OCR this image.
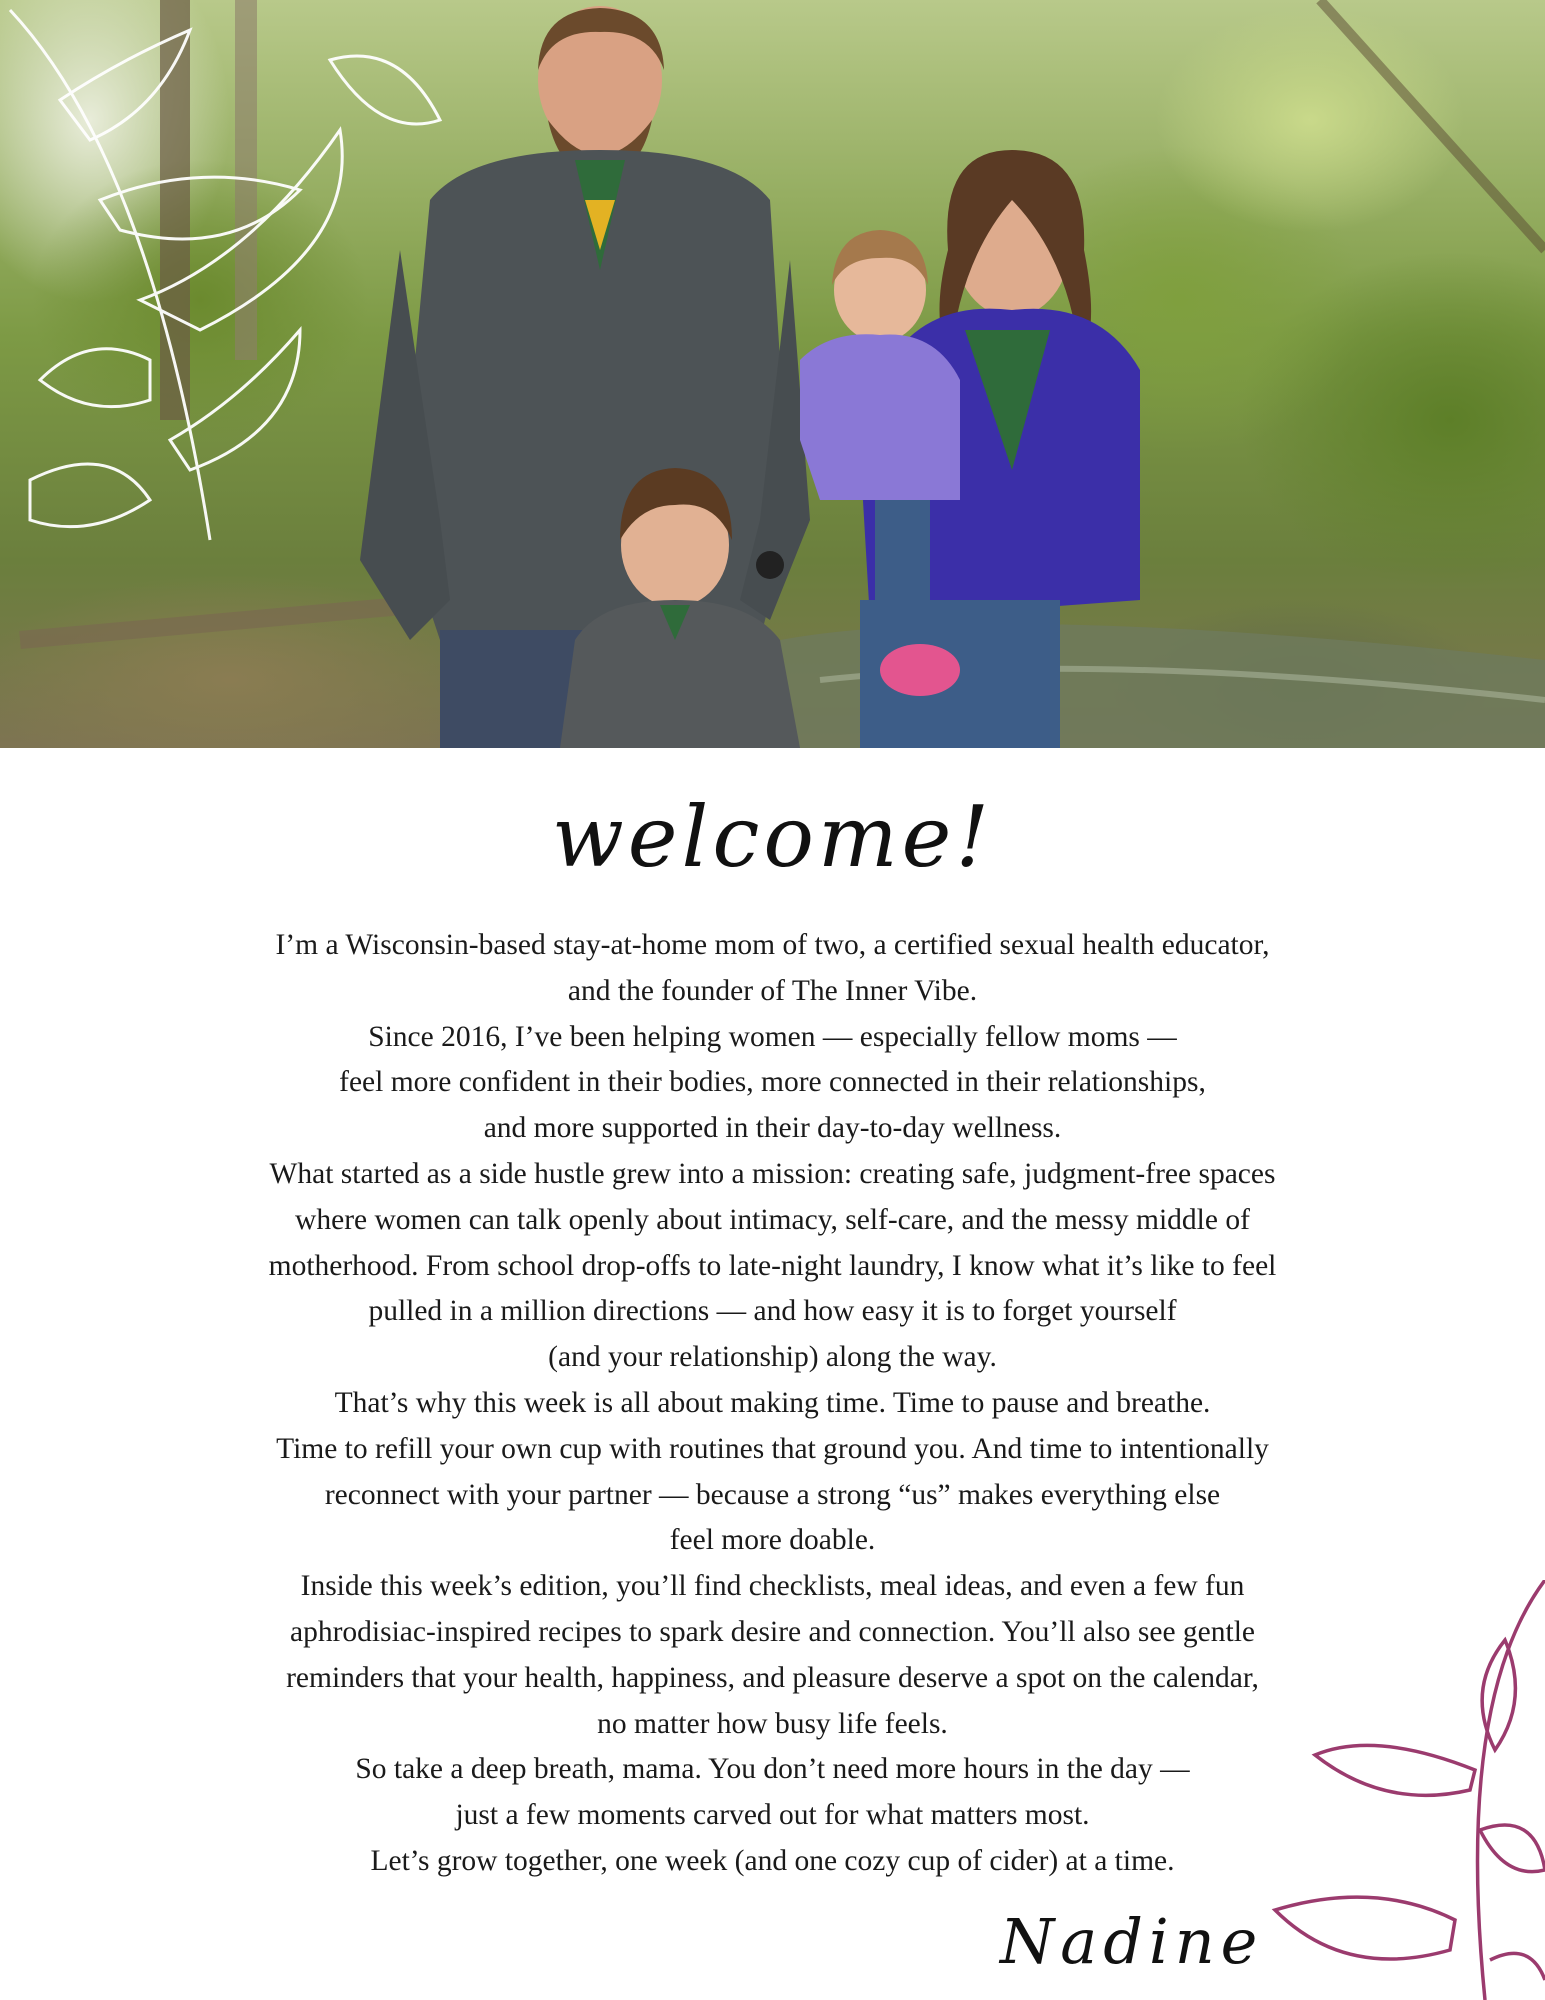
welcome!
I’m a Wisconsin-based stay-at-home mom of two, a certified sexual health educator,
and the founder of The Inner Vibe.
Since 2016, I’ve been helping women — especially fellow moms —
feel more confident in their bodies, more connected in their relationships,
and more supported in their day-to-day wellness.
What started as a side hustle grew into a mission: creating safe, judgment-free spaces
where women can talk openly about intimacy, self-care, and the messy middle of
motherhood. From school drop-offs to late-night laundry, I know what it’s like to feel
pulled in a million directions — and how easy it is to forget yourself
(and your relationship) along the way.
That’s why this week is all about making time. Time to pause and breathe.
Time to refill your own cup with routines that ground you. And time to intentionally
reconnect with your partner — because a strong “us” makes everything else
feel more doable.
Inside this week’s edition, you’ll find checklists, meal ideas, and even a few fun
aphrodisiac-inspired recipes to spark desire and connection. You’ll also see gentle
reminders that your health, happiness, and pleasure deserve a spot on the calendar,
no matter how busy life feels.
So take a deep breath, mama. You don’t need more hours in the day —
just a few moments carved out for what matters most.
Let’s grow together, one week (and one cozy cup of cider) at a time.
Nadine
